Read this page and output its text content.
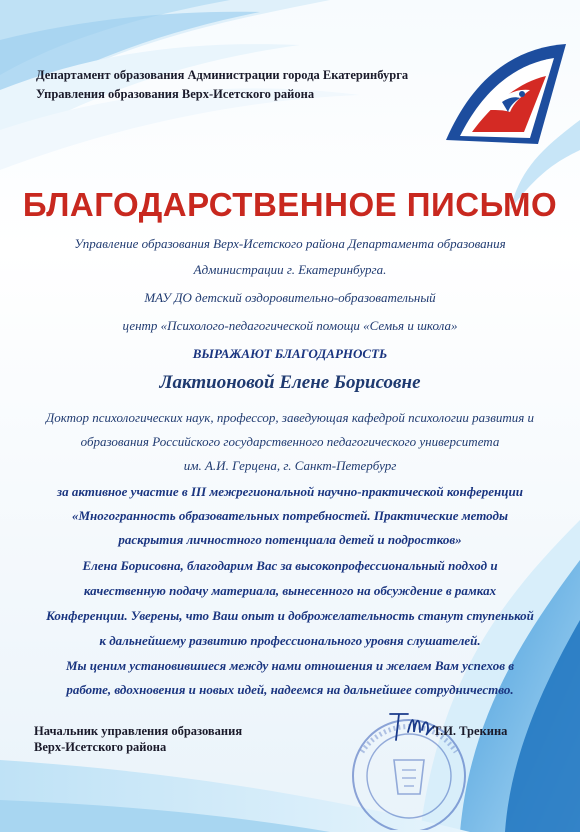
Департамент образования Администрации города Екатеринбурга
Управления образования Верх-Исетского района
БЛАГОДАРСТВЕННОЕ ПИСЬМО
Управление образования Верх-Исетского района Департамента образования
Администрации г. Екатеринбурга.
МАУ ДО детский оздоровительно-образовательный
центр «Психолого-педагогической помощи «Семья и школа»
ВЫРАЖАЮТ БЛАГОДАРНОСТЬ
Лактионовой Елене Борисовне
Доктор психологических наук, профессор, заведующая кафедрой психологии развития и
образования Российского государственного педагогического университета
им. А.И. Герцена, г. Санкт-Петербург
за активное участие в III межрегиональной научно-практической конференции
«Многогранность образовательных потребностей. Практические методы
раскрытия личностного потенциала детей и подростков»
Елена Борисовна, благодарим Вас за высокопрофессиональный подход и
качественную подачу материала, вынесенного на обсуждение в рамках
Конференции. Уверены, что Ваш опыт и доброжелательность станут ступенькой
к дальнейшему развитию профессионального уровня слушателей.
Мы ценим установившиеся между нами отношения и желаем Вам успехов в
работе, вдохновения и новых идей, надеемся на дальнейшее сотрудничество.
Начальник управления образования
Верх-Исетского района
Т.И. Трекина
